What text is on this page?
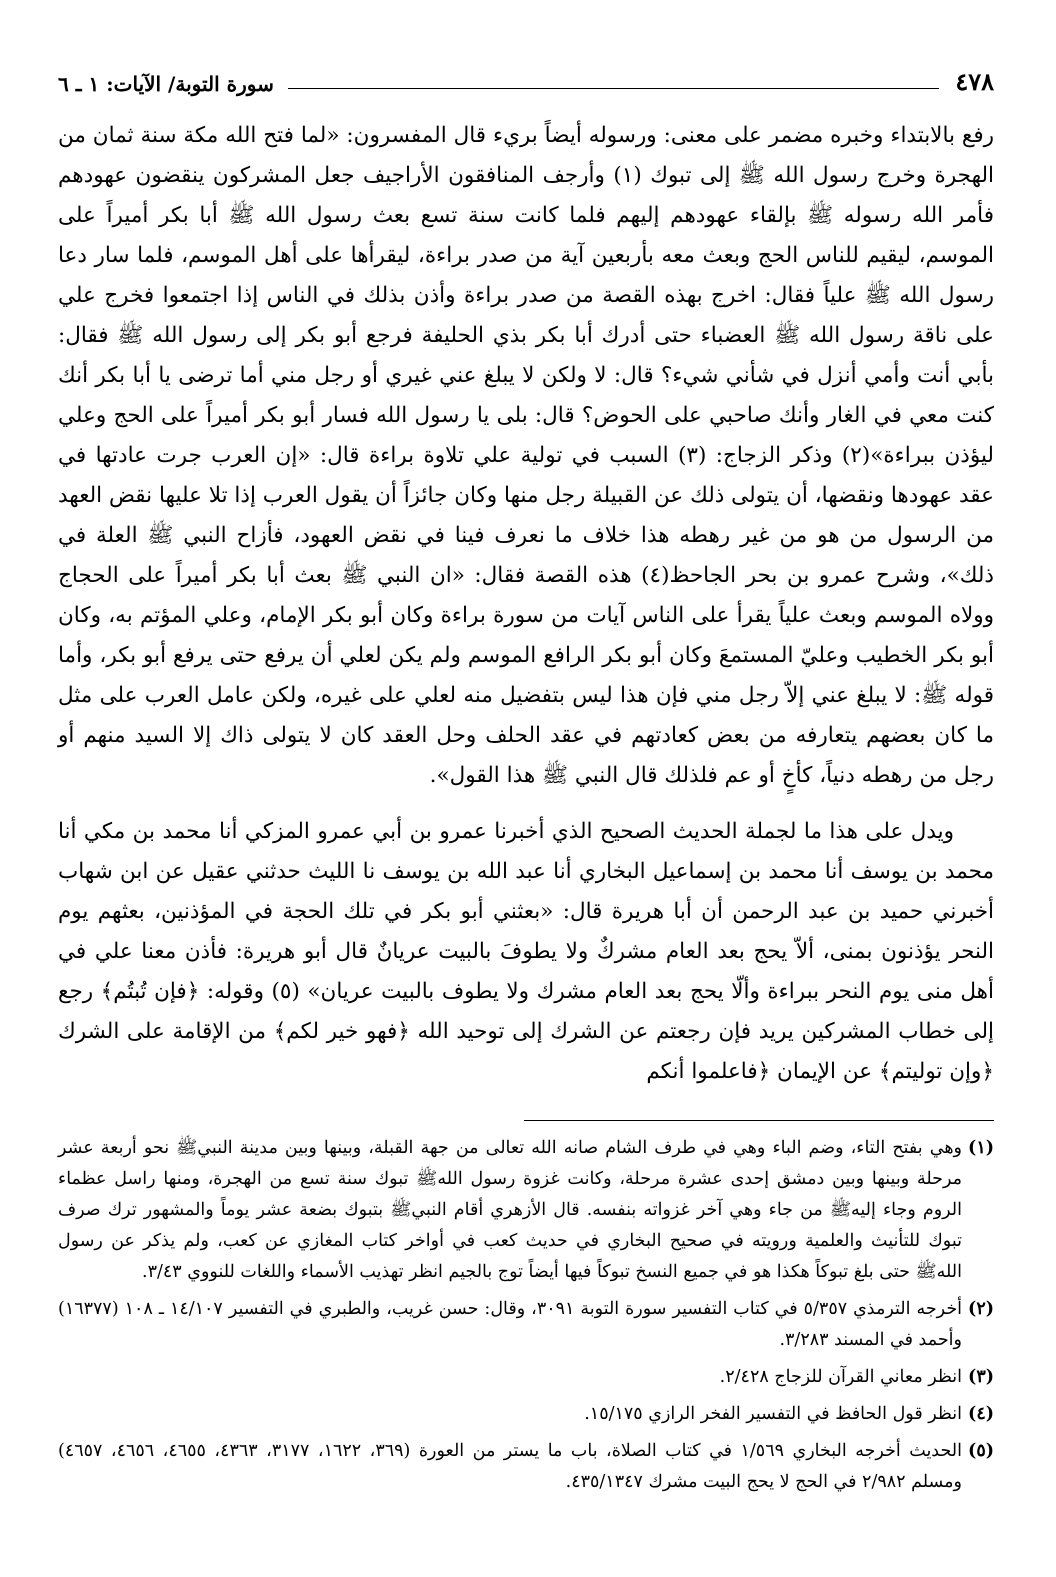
٤٧٨
سورة التوبة/ الآيات: ١ ـ ٦

رفع بالابتداء وخبره مضمر على معنى: ورسوله أيضاً بريء قال المفسرون: «لما فتح الله مكة سنة ثمان من الهجرة وخرج رسول الله ﷺ إلى تبوك (١) وأرجف المنافقون الأراجيف جعل المشركون ينقضون عهودهم فأمر الله رسوله ﷺ بإلقاء عهودهم إليهم فلما كانت سنة تسع بعث رسول الله ﷺ أبا بكر أميراً على الموسم، ليقيم للناس الحج وبعث معه بأربعين آية من صدر براءة، ليقرأها على أهل الموسم، فلما سار دعا رسول الله ﷺ علياً فقال: اخرج بهذه القصة من صدر براءة وأذن بذلك في الناس إذا اجتمعوا فخرج علي على ناقة رسول الله ﷺ العضباء حتى أدرك أبا بكر بذي الحليفة فرجع أبو بكر إلى رسول الله ﷺ فقال: بأبي أنت وأمي أنزل في شأني شيء؟ قال: لا ولكن لا يبلغ عني غيري أو رجل مني أما ترضى يا أبا بكر أنك كنت معي في الغار وأنك صاحبي على الحوض؟ قال: بلى يا رسول الله فسار أبو بكر أميراً على الحج وعلي ليؤذن ببراءة»(٢) وذكر الزجاج: (٣) السبب في تولية علي تلاوة براءة قال: «إن العرب جرت عادتها في عقد عهودها ونقضها، أن يتولى ذلك عن القبيلة رجل منها وكان جائزاً أن يقول العرب إذا تلا عليها نقض العهد من الرسول من هو من غير رهطه هذا خلاف ما نعرف فينا في نقض العهود، فأزاح النبي ﷺ العلة في ذلك»، وشرح عمرو بن بحر الجاحظ(٤) هذه القصة فقال: «ان النبي ﷺ بعث أبا بكر أميراً على الحجاج وولاه الموسم وبعث علياً يقرأ على الناس آيات من سورة براءة وكان أبو بكر الإمام، وعلي المؤتم به، وكان أبو بكر الخطيب وعليّ المستمعَ وكان أبو بكر الرافع الموسم ولم يكن لعلي أن يرفع حتى يرفع أبو بكر، وأما قوله ﷺ: لا يبلغ عني إلاّ رجل مني فإن هذا ليس بتفضيل منه لعلي على غيره، ولكن عامل العرب على مثل ما كان بعضهم يتعارفه من بعض كعادتهم في عقد الحلف وحل العقد كان لا يتولى ذاك إلا السيد منهم أو رجل من رهطه دنياً، كأخٍ أو عم فلذلك قال النبي ﷺ هذا القول».

ويدل على هذا ما لجملة الحديث الصحيح الذي أخبرنا عمرو بن أبي عمرو المزكي أنا محمد بن مكي أنا محمد بن يوسف أنا محمد بن إسماعيل البخاري أنا عبد الله بن يوسف نا الليث حدثني عقيل عن ابن شهاب أخبرني حميد بن عبد الرحمن أن أبا هريرة قال: «بعثني أبو بكر في تلك الحجة في المؤذنين، بعثهم يوم النحر يؤذنون بمنى، ألاّ يحج بعد العام مشركٌ ولا يطوفَ بالبيت عريانٌ قال أبو هريرة: فأذن معنا علي في أهل منى يوم النحر ببراءة وألّا يحج بعد العام مشرك ولا يطوف بالبيت عريان» (٥) وقوله: ﴿فإن تُبتُم﴾ رجع إلى خطاب المشركين يريد فإن رجعتم عن الشرك إلى توحيد الله ﴿فهو خير لكم﴾ من الإقامة على الشرك ﴿وإن توليتم﴾ عن الإيمان ﴿فاعلموا أنكم

(١)
وهي بفتح التاء، وضم الباء وهي في طرف الشام صانه الله تعالى من جهة القبلة، وبينها وبين مدينة النبيﷺ نحو أربعة عشر مرحلة وبينها وبين دمشق إحدى عشرة مرحلة، وكانت غزوة رسول اللهﷺ تبوك سنة تسع من الهجرة، ومنها راسل عظماء الروم وجاء إليهﷺ من جاء وهي آخر غزواته بنفسه. قال الأزهري أقام النبيﷺ بتبوك بضعة عشر يوماً والمشهور ترك صرف تبوك للتأنيث والعلمية ورويته في صحيح البخاري في حديث كعب في أواخر كتاب المغازي عن كعب، ولم يذكر عن رسول اللهﷺ حتى بلغ تبوكاً هكذا هو في جميع النسخ تبوكاً فيها أيضاً توج بالجيم انظر تهذيب الأسماء واللغات للنووي ٣/٤٣.
(٢)
أخرجه الترمذي ٥/٣٥٧ في كتاب التفسير سورة التوبة ٣٠٩١، وقال: حسن غريب، والطبري في التفسير ١٤/١٠٧ ـ ١٠٨ (١٦٣٧٧) وأحمد في المسند ٣/٢٨٣.
(٣)
انظر معاني القرآن للزجاج ٢/٤٢٨.
(٤)
انظر قول الحافظ في التفسير الفخر الرازي ١٥/١٧٥.
(٥)
الحديث أخرجه البخاري ١/٥٦٩ في كتاب الصلاة، باب ما يستر من العورة (٣٦٩، ١٦٢٢، ٣١٧٧، ٤٣٦٣، ٤٦٥٥، ٤٦٥٦، ٤٦٥٧) ومسلم ٢/٩٨٢ في الحج لا يحج البيت مشرك ٤٣٥/١٣٤٧.
